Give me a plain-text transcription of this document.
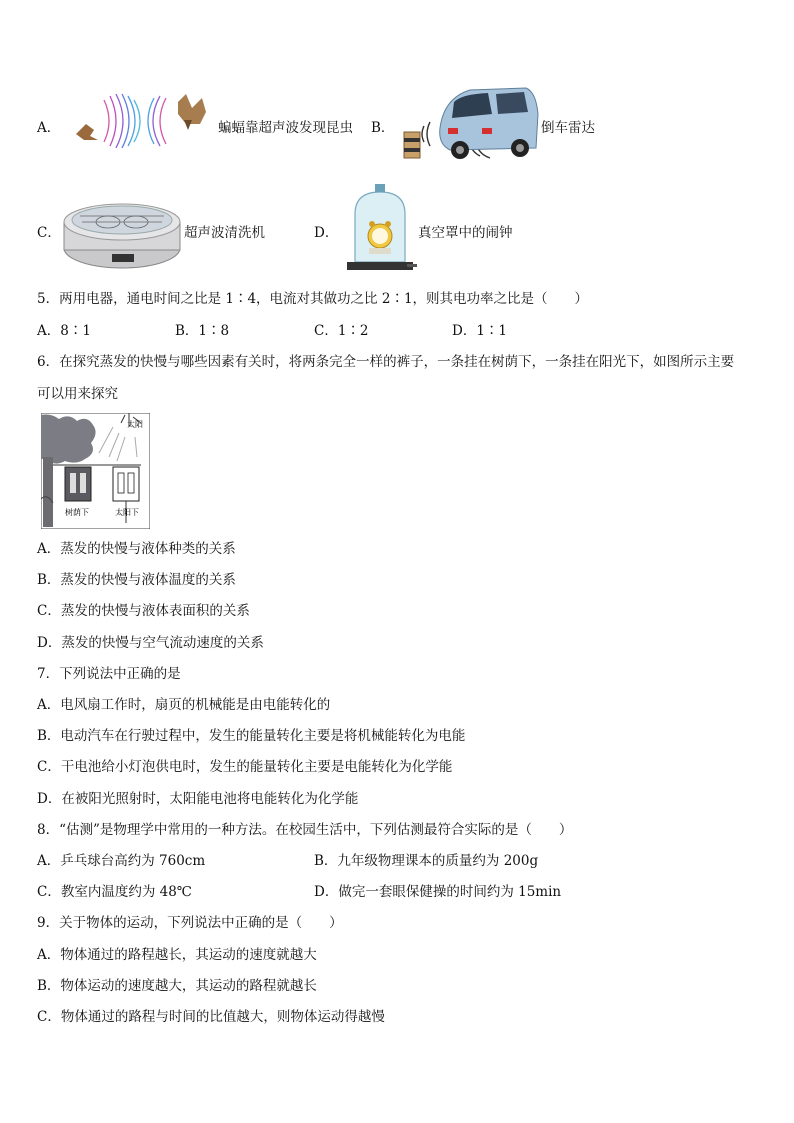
A．	蝙蝠靠超声波发现昆虫 B．	倒车雷达
C．	超声波清洗机	D．	真空罩中的闹钟
5．两用电器，通电时间之比是 1∶4，电流对其做功之比 2∶1，则其电功率之比是（　　）
A．8∶1	B．1∶8	C．1∶2	D．1∶1
6．在探究蒸发的快慢与哪些因素有关时，将两条完全一样的裤子，一条挂在树荫下，一条挂在阳光下，如图所示主要
可以用来探究
太阳
树荫下	太阳下
A．蒸发的快慢与液体种类的关系
B．蒸发的快慢与液体温度的关系
C．蒸发的快慢与液体表面积的关系
D．蒸发的快慢与空气流动速度的关系
7．下列说法中正确的是
A．电风扇工作时，扇页的机械能是由电能转化的
B．电动汽车在行驶过程中，发生的能量转化主要是将机械能转化为电能
C．干电池给小灯泡供电时，发生的能量转化主要是电能转化为化学能
D．在被阳光照射时，太阳能电池将电能转化为化学能
8．“估测”是物理学中常用的一种方法。在校园生活中，下列估测最符合实际的是（　　）
A．乒乓球台高约为 760cm	B．九年级物理课本的质量约为 200g
C．教室内温度约为 48℃	D．做完一套眼保健操的时间约为 15min
9．关于物体的运动，下列说法中正确的是（　　）
A．物体通过的路程越长，其运动的速度就越大
B．物体运动的速度越大，其运动的路程就越长
C．物体通过的路程与时间的比值越大，则物体运动得越慢
